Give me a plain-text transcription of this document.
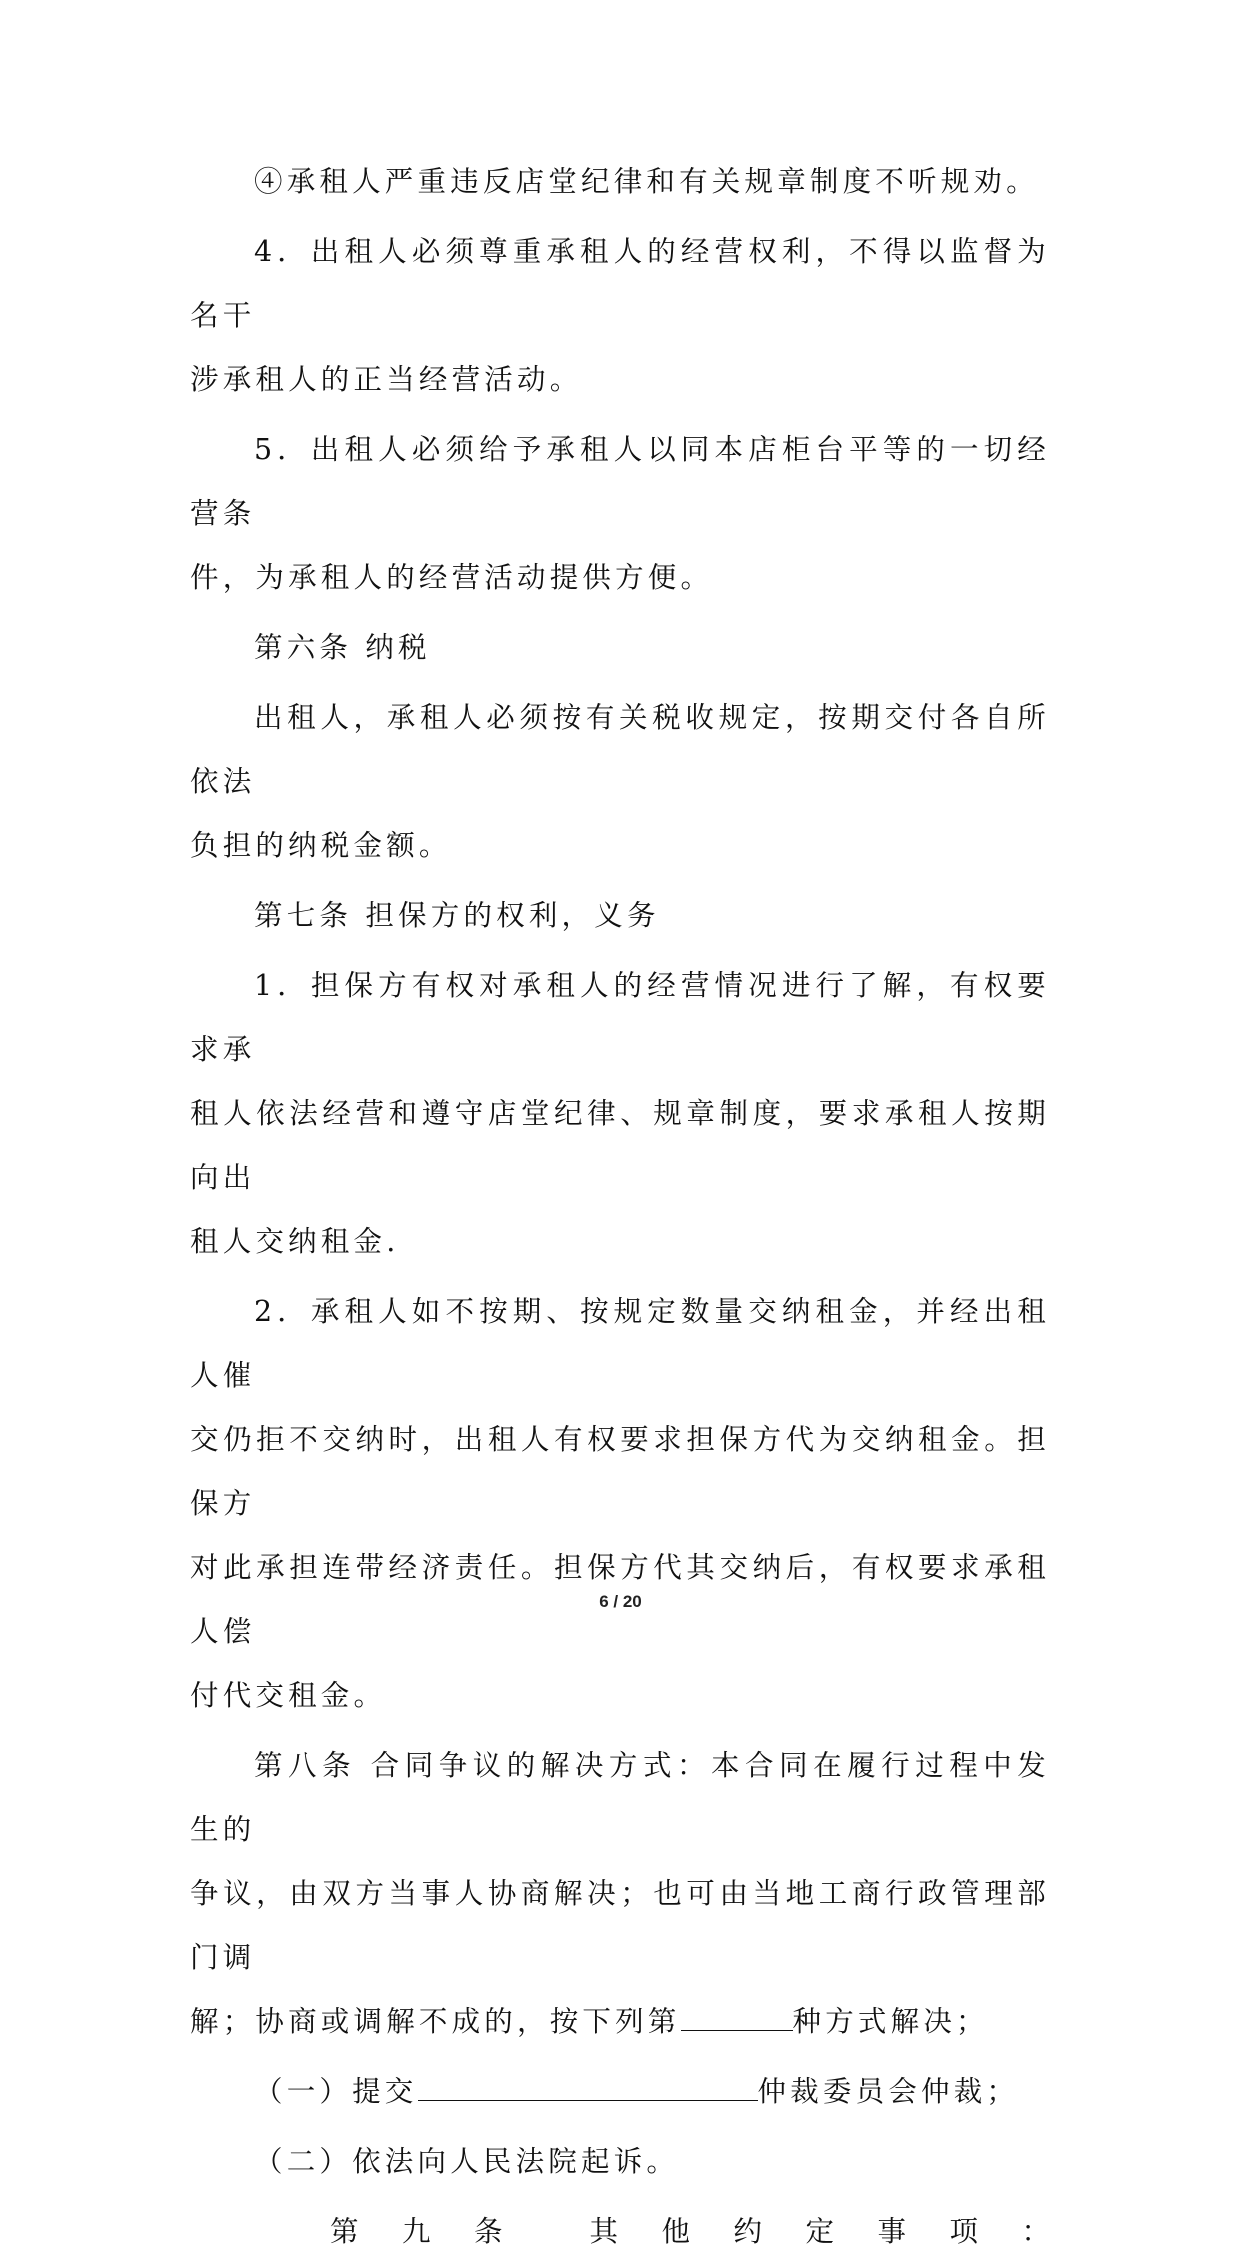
④承租人严重违反店堂纪律和有关规章制度不听规劝。

4．出租人必须尊重承租人的经营权利，不得以监督为名干
涉承租人的正当经营活动。

5．出租人必须给予承租人以同本店柜台平等的一切经营条
件，为承租人的经营活动提供方便。

第六条 纳税

出租人，承租人必须按有关税收规定，按期交付各自所依法
负担的纳税金额。

第七条 担保方的权利，义务

1．担保方有权对承租人的经营情况进行了解，有权要求承
租人依法经营和遵守店堂纪律、规章制度，要求承租人按期向出
租人交纳租金.

2．承租人如不按期、按规定数量交纳租金，并经出租人催
交仍拒不交纳时，出租人有权要求担保方代为交纳租金。担保方
对此承担连带经济责任。担保方代其交纳后，有权要求承租人偿
付代交租金。

第八条 合同争议的解决方式：本合同在履行过程中发生的
争议，由双方当事人协商解决；也可由当地工商行政管理部门调
解；协商或调解不成的，按下列第	种方式解决；

（一）提交	仲裁委员会仲裁；

（二）依法向人民法院起诉。

第 九 条	其 他 约 定 事 项 ：

6 / 20
